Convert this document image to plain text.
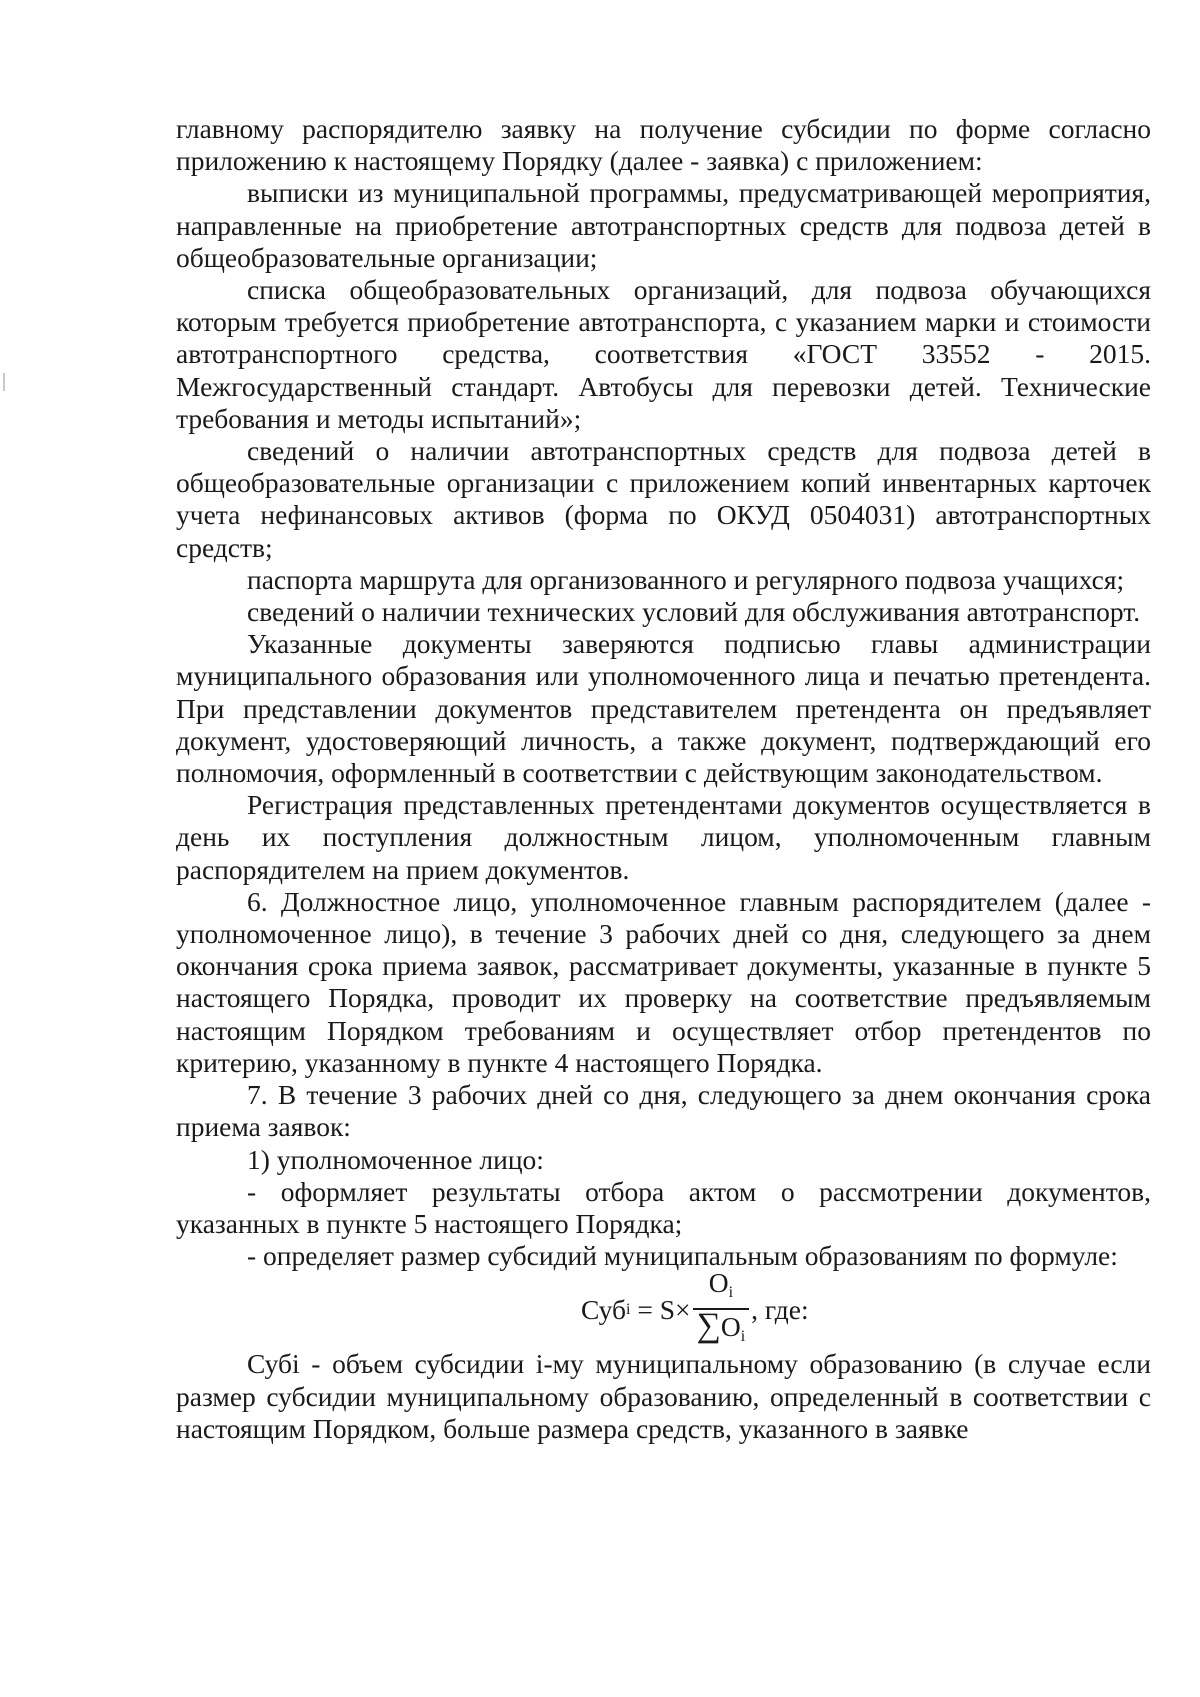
главному распорядителю заявку на получение субсидии по форме согласно приложению к настоящему Порядку (далее - заявка) с приложением:

выписки из муниципальной программы, предусматривающей мероприятия, направленные на приобретение автотранспортных средств для подвоза детей в общеобразовательные организации;

списка общеобразовательных организаций, для подвоза обучающихся которым требуется приобретение автотранспорта, с указанием марки и стоимости автотранспортного средства, соответствия «ГОСТ 33552 - 2015. Межгосударственный стандарт. Автобусы для перевозки детей. Технические требования и методы испытаний»;

сведений о наличии автотранспортных средств для подвоза детей в общеобразовательные организации с приложением копий инвентарных карточек учета нефинансовых активов (форма по ОКУД 0504031) автотранспортных средств;

паспорта маршрута для организованного и регулярного подвоза учащихся;

сведений о наличии технических условий для обслуживания автотранспорт.

Указанные документы заверяются подписью главы администрации муниципального образования или уполномоченного лица и печатью претендента. При представлении документов представителем претендента он предъявляет документ, удостоверяющий личность, а также документ, подтверждающий его полномочия, оформленный в соответствии с действующим законодательством.

Регистрация представленных претендентами документов осуществляется в день их поступления должностным лицом, уполномоченным главным распорядителем на прием документов.

6. Должностное лицо, уполномоченное главным распорядителем (далее - уполномоченное лицо), в течение 3 рабочих дней со дня, следующего за днем окончания срока приема заявок, рассматривает документы, указанные в пункте 5 настоящего Порядка, проводит их проверку на соответствие предъявляемым настоящим Порядком требованиям и осуществляет отбор претендентов по критерию, указанному в пункте 4 настоящего Порядка.

7. В течение 3 рабочих дней со дня, следующего за днем окончания срока приема заявок:

1) уполномоченное лицо:

- оформляет результаты отбора актом о рассмотрении документов, указанных в пункте 5 настоящего Порядка;

- определяет размер субсидий муниципальным образованиям по формуле:

Суб $i = S\times \frac{O_i}{\sum O_i}$ , где:

Субi - объем субсидии i-му муниципальному образованию (в случае если размер субсидии муниципальному образованию, определенный в соответствии с настоящим Порядком, больше размера средств, указанного в заявке
